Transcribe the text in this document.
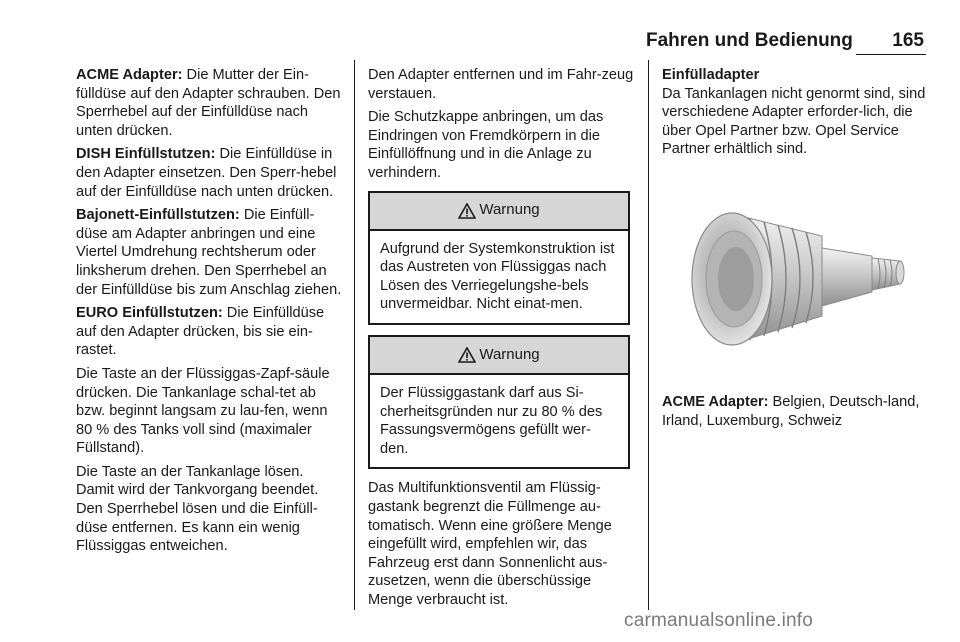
Fahren und Bedienung 165

ACME Adapter: Die Mutter der Ein-fülldüse auf den Adapter schrauben. Den Sperrhebel auf der Einfülldüse nach unten drücken.

DISH Einfüllstutzen: Die Einfülldüse in den Adapter einsetzen. Den Sperr-hebel auf der Einfülldüse nach unten drücken.

Bajonett-Einfüllstutzen: Die Einfüll-düse am Adapter anbringen und eine Viertel Umdrehung rechtsherum oder linksherum drehen. Den Sperrhebel an der Einfülldüse bis zum Anschlag ziehen.

EURO Einfüllstutzen: Die Einfülldüse auf den Adapter drücken, bis sie ein-rastet.

Die Taste an der Flüssiggas-Zapf-säule drücken. Die Tankanlage schal-tet ab bzw. beginnt langsam zu lau-fen, wenn 80 % des Tanks voll sind (maximaler Füllstand).

Die Taste an der Tankanlage lösen. Damit wird der Tankvorgang beendet. Den Sperrhebel lösen und die Einfüll-düse entfernen. Es kann ein wenig Flüssiggas entweichen.

Den Adapter entfernen und im Fahr-zeug verstauen.

Die Schutzkappe anbringen, um das Eindringen von Fremdkörpern in die Einfüllöffnung und in die Anlage zu verhindern.

Warnung
Aufgrund der Systemkonstruktion ist das Austreten von Flüssiggas nach Lösen des Verriegelungshe-bels unvermeidbar. Nicht einat-men.
Warnung
Der Flüssiggastank darf aus Si-cherheitsgründen nur zu 80 % des Fassungsvermögens gefüllt wer-den.

Das Multifunktionsventil am Flüssig-gastank begrenzt die Füllmenge au-tomatisch. Wenn eine größere Menge eingefüllt wird, empfehlen wir, das Fahrzeug erst dann Sonnenlicht aus-zusetzen, wenn die überschüssige Menge verbraucht ist.

Einfülladapter

Da Tankanlagen nicht genormt sind, sind verschiedene Adapter erforder-lich, die über Opel Partner bzw. Opel Service Partner erhältlich sind.

ACME Adapter: Belgien, Deutsch-land, Irland, Luxemburg, Schweiz
carmanualsonline.info
